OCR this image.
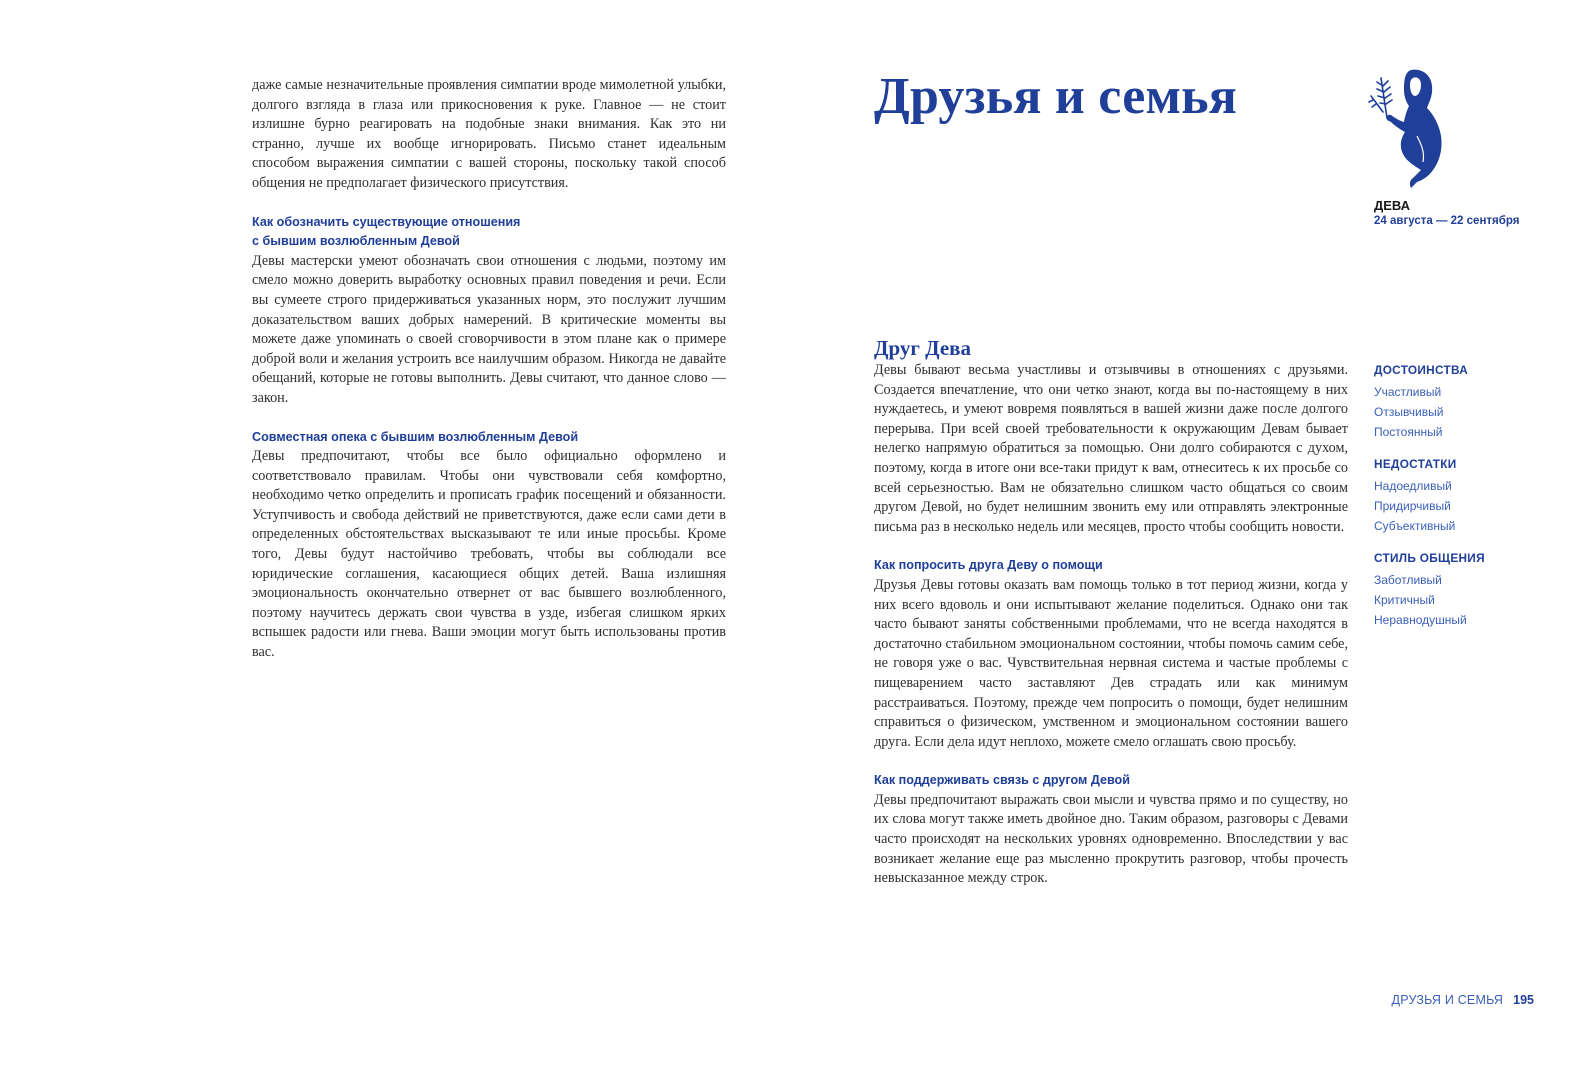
даже самые незначительные проявления симпатии вроде мимолетной улыбки, долгого взгляда в глаза или прикосновения к руке. Главное — не стоит излишне бурно реагировать на подобные знаки внимания. Как это ни странно, лучше их вообще игнорировать. Письмо станет идеальным способом выражения симпатии с вашей стороны, поскольку такой способ общения не предполагает физического присутствия.

Как обозначить существующие отношения

с бывшим возлюбленным Девой

Девы мастерски умеют обозначать свои отношения с людьми, поэтому им смело можно доверить выработку основных правил поведения и речи. Если вы сумеете строго придерживаться указанных норм, это послужит лучшим доказательством ваших добрых намерений. В критические моменты вы можете даже упоминать о своей сговорчивости в этом плане как о примере доброй воли и желания устроить все наилучшим образом. Никогда не давайте обещаний, которые не готовы выполнить. Девы считают, что данное слово — закон.

Совместная опека с бывшим возлюбленным Девой

Девы предпочитают, чтобы все было официально оформлено и соответствовало правилам. Чтобы они чувствовали себя комфортно, необходимо четко определить и прописать график посещений и обязанности. Уступчивость и свобода действий не приветствуются, даже если сами дети в определенных обстоятельствах высказывают те или иные просьбы. Кроме того, Девы будут настойчиво требовать, чтобы вы соблюдали все юридические соглашения, касающиеся общих детей. Ваша излишняя эмоциональность окончательно отвернет от вас бывшего возлюбленного, поэтому научитесь держать свои чувства в узде, избегая слишком ярких вспышек радости или гнева. Ваши эмоции могут быть использованы против вас.

Друзья и семья

ДЕВА

24 августа — 22 сентября

Друг Дева

Девы бывают весьма участливы и отзывчивы в отношениях с друзьями. Создается впечатление, что они четко знают, когда вы по-настоящему в них нуждаетесь, и умеют вовремя появляться в вашей жизни даже после долгого перерыва. При всей своей требовательности к окружающим Девам бывает нелегко напрямую обратиться за помощью. Они долго собираются с духом, поэтому, когда в итоге они все-таки придут к вам, отнеситесь к их просьбе со всей серьезностью. Вам не обязательно слишком часто общаться со своим другом Девой, но будет нелишним звонить ему или отправлять электронные письма раз в несколько недель или месяцев, просто чтобы сообщить новости.

Как попросить друга Деву о помощи

Друзья Девы готовы оказать вам помощь только в тот период жизни, когда у них всего вдоволь и они испытывают желание поделиться. Однако они так часто бывают заняты собственными проблемами, что не всегда находятся в достаточно стабильном эмоциональном состоянии, чтобы помочь самим себе, не говоря уже о вас. Чувствительная нервная система и частые проблемы с пищеварением часто заставляют Дев страдать или как минимум расстраиваться. Поэтому, прежде чем попросить о помощи, будет нелишним справиться о физическом, умственном и эмоциональном состоянии вашего друга. Если дела идут неплохо, можете смело оглашать свою просьбу.

Как поддерживать связь с другом Девой

Девы предпочитают выражать свои мысли и чувства прямо и по существу, но их слова могут также иметь двойное дно. Таким образом, разговоры с Девами часто происходят на нескольких уровнях одновременно. Впоследствии у вас возникает желание еще раз мысленно прокрутить разговор, чтобы прочесть невысказанное между строк.

ДОСТОИНСТВА

Участливый

Отзывчивый

Постоянный

НЕДОСТАТКИ

Надоедливый

Придирчивый

Субъективный

СТИЛЬ ОБЩЕНИЯ

Заботливый

Критичный

Неравнодушный

ДРУЗЬЯ И СЕМЬЯ 195
